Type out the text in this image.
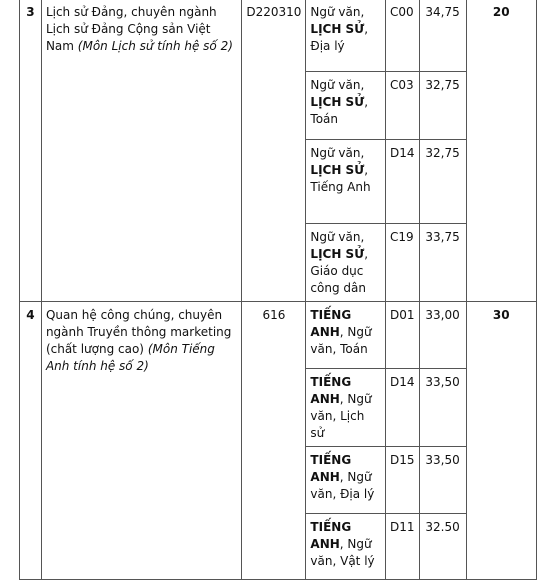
3	Lịch sử Đảng, chuyên ngành Lịch sử Đảng Cộng sản Việt Nam (Môn Lịch sử tính hệ số 2)	D220310	Ngữ văn, LỊCH SỬ, Địa lý	C00	34,75	20
			Ngữ văn, LỊCH SỬ, Toán	C03	32,75	
			Ngữ văn, LỊCH SỬ, Tiếng Anh	D14	32,75	
			Ngữ văn, LỊCH SỬ, Giáo dục công dân	C19	33,75	
4	Quan hệ công chúng, chuyên ngành Truyền thông marketing (chất lượng cao) (Môn Tiếng Anh tính hệ số 2)	616	TIẾNG ANH, Ngữ văn, Toán	D01	33,00	30
			TIẾNG ANH, Ngữ văn, Lịch sử	D14	33,50	
			TIẾNG ANH, Ngữ văn, Địa lý	D15	33,50	
			TIẾNG ANH, Ngữ văn, Vật lý	D11	32.50	
